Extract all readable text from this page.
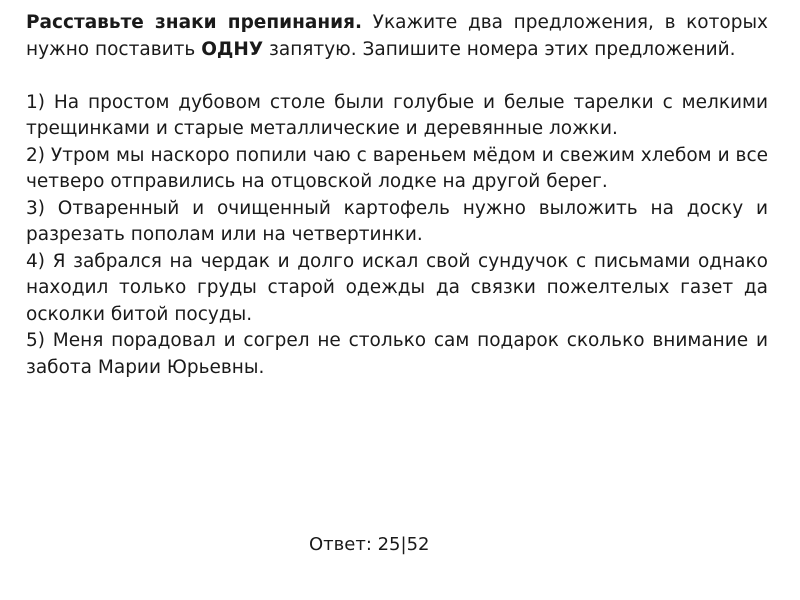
Расставьте знаки препинания. Укажите два предложения, в которых нужно поставить ОДНУ запятую. Запишите номера этих предложений.

1) На простом дубовом столе были голубые и белые тарелки с мелкими трещинками и старые металлические и деревянные ложки.

2) Утром мы наскоро попили чаю с вареньем мёдом и свежим хлебом и все четверо отправились на отцовской лодке на другой берег.

3) Отваренный и очищенный картофель нужно выложить на доску и разрезать пополам или на четвертинки.

4) Я забрался на чердак и долго искал свой сундучок с письмами однако находил только груды старой одежды да связки пожелтелых газет да осколки битой посуды.

5) Меня порадовал и согрел не столько сам подарок сколько внимание и забота Марии Юрьевны.

Ответ: 25|52
